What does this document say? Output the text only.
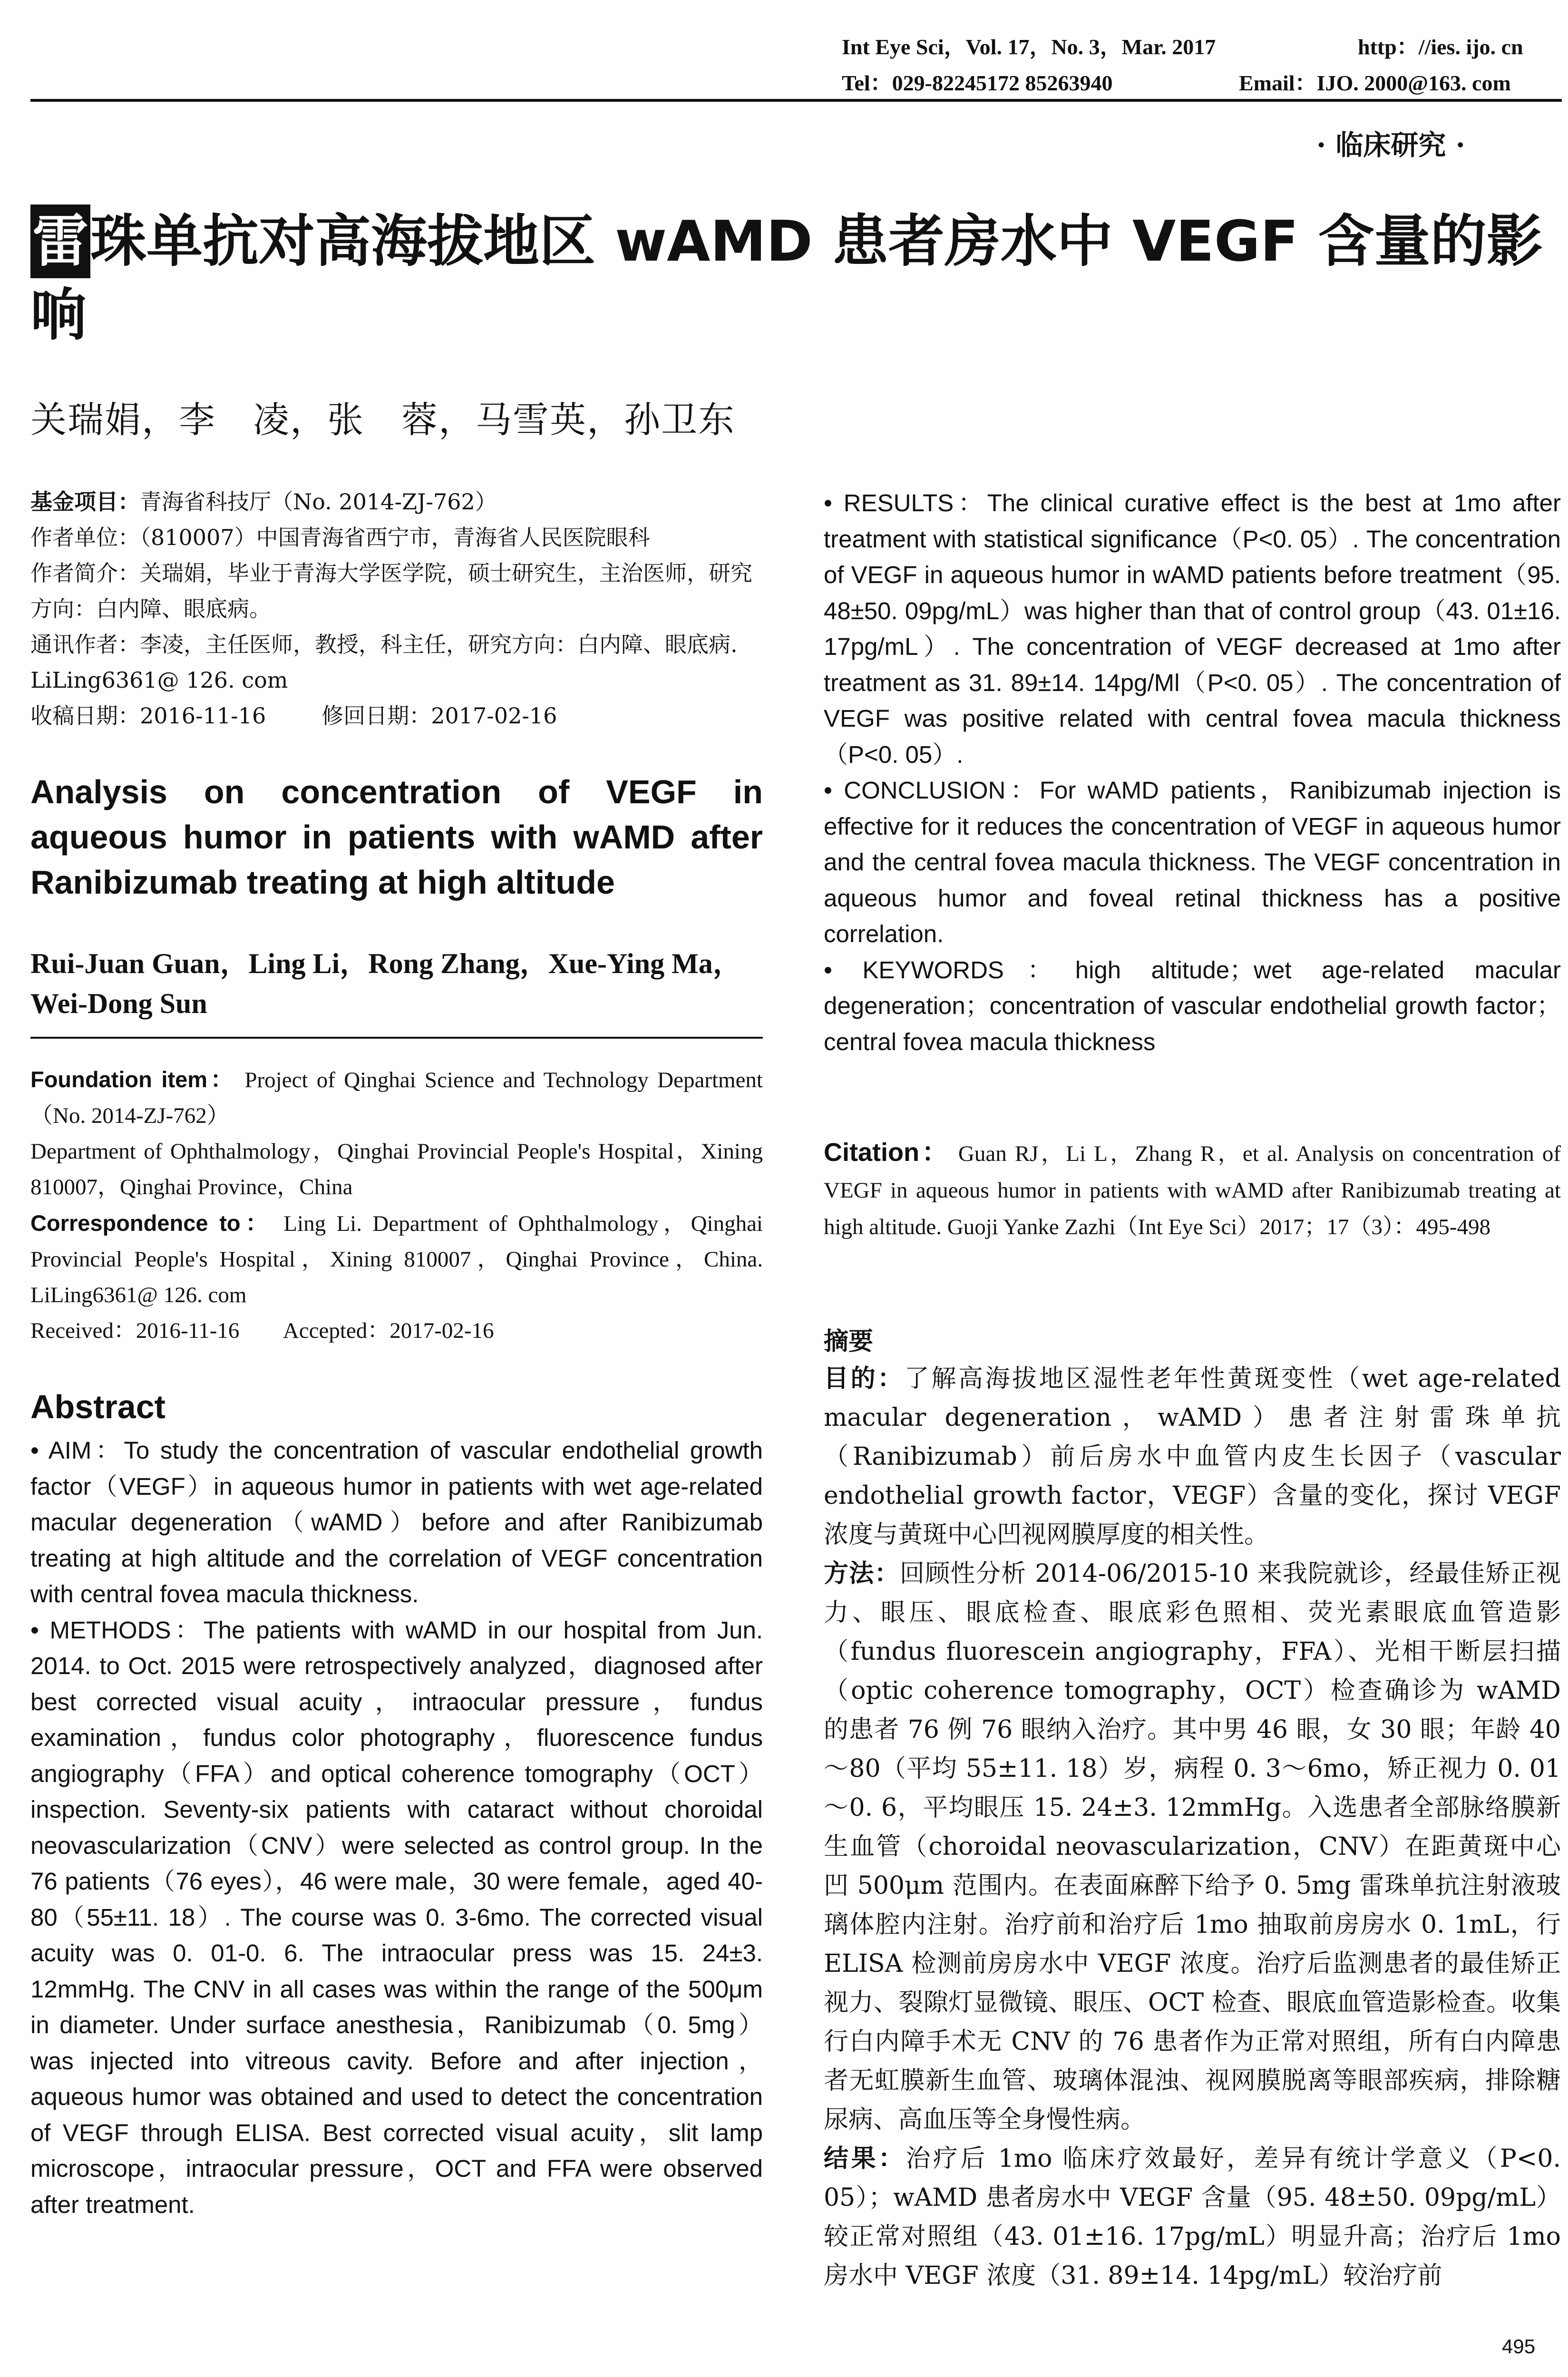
Int Eye Sci，Vol. 17，No. 3，Mar. 2017	http：//ies. ijo. cn
Tel：029-82245172 85263940	Email：IJO. 2000@163. com
· 临床研究 ·
雷珠单抗对高海拔地区 wAMD 患者房水中 VEGF 含量的影响
关瑞娟，李　凌，张　蓉，马雪英，孙卫东
基金项目：青海省科技厅（No. 2014-ZJ-762）
作者单位：（810007）中国青海省西宁市，青海省人民医院眼科
作者简介：关瑞娟，毕业于青海大学医学院，硕士研究生，主治医师，研究方向：白内障、眼底病。
通讯作者：李凌，主任医师，教授，科主任，研究方向：白内障、眼底病. LiLing6361@ 126. com
收稿日期：2016-11-16        修回日期：2017-02-16
Analysis on concentration of VEGF in aqueous humor in patients with wAMD after Ranibizumab treating at high altitude
Rui-Juan Guan，Ling Li，Rong Zhang，Xue-Ying Ma，Wei-Dong Sun
Foundation item： Project of Qinghai Science and Technology Department（No. 2014-ZJ-762）
Department of Ophthalmology，Qinghai Provincial People's Hospital，Xining 810007，Qinghai Province，China
Correspondence to： Ling Li. Department of Ophthalmology，Qinghai Provincial People's Hospital，Xining 810007，Qinghai Province，China. LiLing6361@ 126. com
Received：2016-11-16        Accepted：2017-02-16
Abstract

• AIM：To study the concentration of vascular endothelial growth factor（VEGF）in aqueous humor in patients with wet age-related macular degeneration（wAMD）before and after Ranibizumab treating at high altitude and the correlation of VEGF concentration with central fovea macula thickness.

• METHODS：The patients with wAMD in our hospital from Jun. 2014. to Oct. 2015 were retrospectively analyzed，diagnosed after best corrected visual acuity，intraocular pressure，fundus examination，fundus color photography，fluorescence fundus angiography（FFA）and optical coherence tomography（OCT）inspection. Seventy-six patients with cataract without choroidal neovascularization（CNV）were selected as control group. In the 76 patients（76 eyes），46 were male，30 were female，aged 40-80（55±11. 18）. The course was 0. 3-6mo. The corrected visual acuity was 0. 01-0. 6. The intraocular press was 15. 24±3. 12mmHg. The CNV in all cases was within the range of the 500μm in diameter. Under surface anesthesia，Ranibizumab（0. 5mg）was injected into vitreous cavity. Before and after injection，aqueous humor was obtained and used to detect the concentration of VEGF through ELISA. Best corrected visual acuity，slit lamp microscope，intraocular pressure，OCT and FFA were observed after treatment.

• RESULTS：The clinical curative effect is the best at 1mo after treatment with statistical significance（P<0. 05）. The concentration of VEGF in aqueous humor in wAMD patients before treatment（95. 48±50. 09pg/mL）was higher than that of control group（43. 01±16. 17pg/mL）. The concentration of VEGF decreased at 1mo after treatment as 31. 89±14. 14pg/Ml（P<0. 05）. The concentration of VEGF was positive related with central fovea macula thickness（P<0. 05）.

• CONCLUSION：For wAMD patients，Ranibizumab injection is effective for it reduces the concentration of VEGF in aqueous humor and the central fovea macula thickness. The VEGF concentration in aqueous humor and foveal retinal thickness has a positive correlation.

• KEYWORDS：high altitude；wet age-related macular degeneration；concentration of vascular endothelial growth factor；central fovea macula thickness

Citation： Guan RJ，Li L，Zhang R，et al. Analysis on concentration of VEGF in aqueous humor in patients with wAMD after Ranibizumab treating at high altitude. Guoji Yanke Zazhi（Int Eye Sci）2017；17（3）：495-498
摘要

目的：了解高海拔地区湿性老年性黄斑变性（wet age-related macular degeneration，wAMD）患者注射雷珠单抗（Ranibizumab）前后房水中血管内皮生长因子（vascular endothelial growth factor，VEGF）含量的变化，探讨 VEGF 浓度与黄斑中心凹视网膜厚度的相关性。

方法：回顾性分析 2014-06/2015-10 来我院就诊，经最佳矫正视力、眼压、眼底检查、眼底彩色照相、荧光素眼底血管造影（fundus fluorescein angiography，FFA）、光相干断层扫描（optic coherence tomography，OCT）检查确诊为 wAMD 的患者 76 例 76 眼纳入治疗。其中男 46 眼，女 30 眼；年龄 40～80（平均 55±11. 18）岁，病程 0. 3～6mo，矫正视力 0. 01～0. 6，平均眼压 15. 24±3. 12mmHg。入选患者全部脉络膜新生血管（choroidal neovascularization，CNV）在距黄斑中心凹 500μm 范围内。在表面麻醉下给予 0. 5mg 雷珠单抗注射液玻璃体腔内注射。治疗前和治疗后 1mo 抽取前房房水 0. 1mL，行 ELISA 检测前房房水中 VEGF 浓度。治疗后监测患者的最佳矫正视力、裂隙灯显微镜、眼压、OCT 检查、眼底血管造影检查。收集行白内障手术无 CNV 的 76 患者作为正常对照组，所有白内障患者无虹膜新生血管、玻璃体混浊、视网膜脱离等眼部疾病，排除糖尿病、高血压等全身慢性病。

结果：治疗后 1mo 临床疗效最好，差异有统计学意义（P<0. 05）；wAMD 患者房水中 VEGF 含量（95. 48±50. 09pg/mL）较正常对照组（43. 01±16. 17pg/mL）明显升高；治疗后 1mo 房水中 VEGF 浓度（31. 89±14. 14pg/mL）较治疗前

495
